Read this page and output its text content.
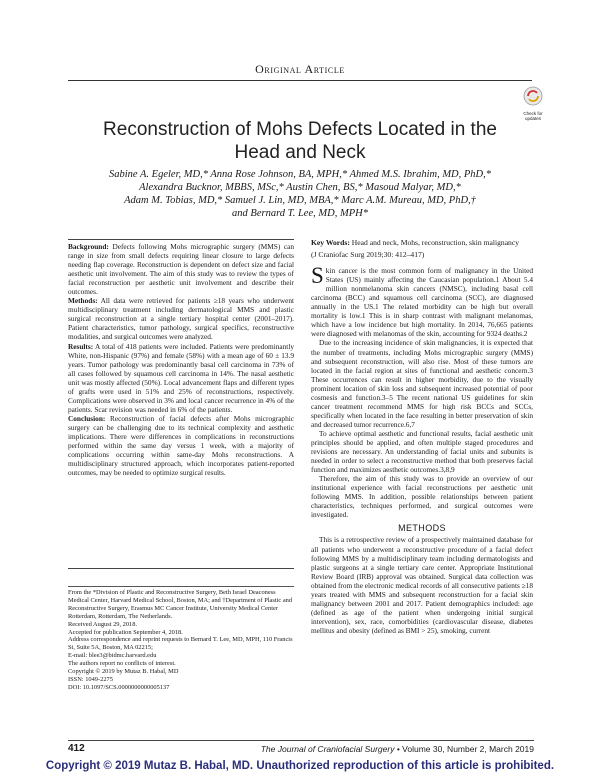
Original Article
Check for
updates
Reconstruction of Mohs Defects Located in the
Head and Neck
Sabine A. Egeler, MD,* Anna Rose Johnson, BA, MPH,* Ahmed M.S. Ibrahim, MD, PhD,*
Alexandra Bucknor, MBBS, MSc,* Austin Chen, BS,* Masoud Malyar, MD,*
Adam M. Tobias, MD,* Samuel J. Lin, MD, MBA,* Marc A.M. Mureau, MD, PhD,†
and Bernard T. Lee, MD, MPH*

Background: Defects following Mohs micrographic surgery (MMS) can range in size from small defects requiring linear closure to large defects needing flap coverage. Reconstruction is dependent on defect size and facial aesthetic unit involvement. The aim of this study was to review the types of facial reconstruction per aesthetic unit involvement and describe their outcomes.

Methods: All data were retrieved for patients ≥18 years who underwent multidisciplinary treatment including dermatological MMS and plastic surgical reconstruction at a single tertiary hospital center (2001–2017). Patient characteristics, tumor pathology, surgical specifics, reconstructive modalities, and surgical outcomes were analyzed.

Results: A total of 418 patients were included. Patients were predominantly White, non-Hispanic (97%) and female (58%) with a mean age of 60 ± 13.9 years. Tumor pathology was predominantly basal cell carcinoma in 73% of all cases followed by squamous cell carcinoma in 14%. The nasal aesthetic unit was mostly affected (50%). Local advancement flaps and different types of grafts were used in 51% and 25% of reconstructions, respectively. Complications were observed in 3% and local cancer recurrence in 4% of the patients. Scar revision was needed in 6% of the patients.

Conclusion: Reconstruction of facial defects after Mohs micrographic surgery can be challenging due to its technical complexity and aesthetic implications. There were differences in complications in reconstructions performed within the same day versus 1 week, with a majority of complications occurring within same-day Mohs reconstructions. A multidisciplinary structured approach, which incorporates patient-reported outcomes, may be needed to optimize surgical results.

From the *Division of Plastic and Reconstructive Surgery, Beth Israel Deaconess Medical Center, Harvard Medical School, Boston, MA; and †Department of Plastic and Reconstructive Surgery, Erasmus MC Cancer Institute, University Medical Center Rotterdam, Rotterdam, The Netherlands.

Received August 29, 2018.

Accepted for publication September 4, 2018.

Address correspondence and reprint requests to Bernard T. Lee, MD, MPH, 110 Francis St, Suite 5A, Boston, MA 02215;

E-mail: blee3@bidmc.harvard.edu

The authors report no conflicts of interest.

Copyright © 2019 by Mutaz B. Habal, MD

ISSN: 1049-2275

DOI: 10.1097/SCS.0000000000005137

Key Words: Head and neck, Mohs, reconstruction, skin malignancy

(J Craniofac Surg 2019;30: 412–417)

Skin cancer is the most common form of malignancy in the United States (US) mainly affecting the Caucasian population.1 About 5.4 million nonmelanoma skin cancers (NMSC), including basal cell carcinoma (BCC) and squamous cell carcinoma (SCC), are diagnosed annually in the US.1 The related morbidity can be high but overall mortality is low.1 This is in sharp contrast with malignant melanomas, which have a low incidence but high mortality. In 2014, 76,665 patients were diagnosed with melanomas of the skin, accounting for 9324 deaths.2

Due to the increasing incidence of skin malignancies, it is expected that the number of treatments, including Mohs micrographic surgery (MMS) and subsequent reconstruction, will also rise. Most of these tumors are located in the facial region at sites of functional and aesthetic concern.3 These occurrences can result in higher morbidity, due to the visually prominent location of skin loss and subsequent increased potential of poor cosmesis and function.3–5 The recent national US guidelines for skin cancer treatment recommend MMS for high risk BCCs and SCCs, specifically when located in the face resulting in better preservation of skin and decreased tumor recurrence.6,7

To achieve optimal aesthetic and functional results, facial aesthetic unit principles should be applied, and often multiple staged procedures and revisions are necessary. An understanding of facial units and subunits is needed in order to select a reconstructive method that both preserves facial function and maximizes aesthetic outcomes.3,8,9

Therefore, the aim of this study was to provide an overview of our institutional experience with facial reconstructions per aesthetic unit following MMS. In addition, possible relationships between patient characteristics, techniques performed, and surgical outcomes were investigated.

METHODS

This is a retrospective review of a prospectively maintained database for all patients who underwent a reconstructive procedure of a facial defect following MMS by a multidisciplinary team including dermatologists and plastic surgeons at a single tertiary care center. Appropriate Institutional Review Board (IRB) approval was obtained. Surgical data collection was obtained from the electronic medical records of all consecutive patients ≥18 years treated with MMS and subsequent reconstruction for a facial skin malignancy between 2001 and 2017. Patient demographics included: age (defined as age of the patient when undergoing initial surgical intervention), sex, race, comorbidities (cardiovascular disease, diabetes mellitus and obesity (defined as BMI > 25), smoking, current

412	The Journal of Craniofacial Surgery • Volume 30, Number 2, March 2019
Copyright © 2019 Mutaz B. Habal, MD. Unauthorized reproduction of this article is prohibited.
